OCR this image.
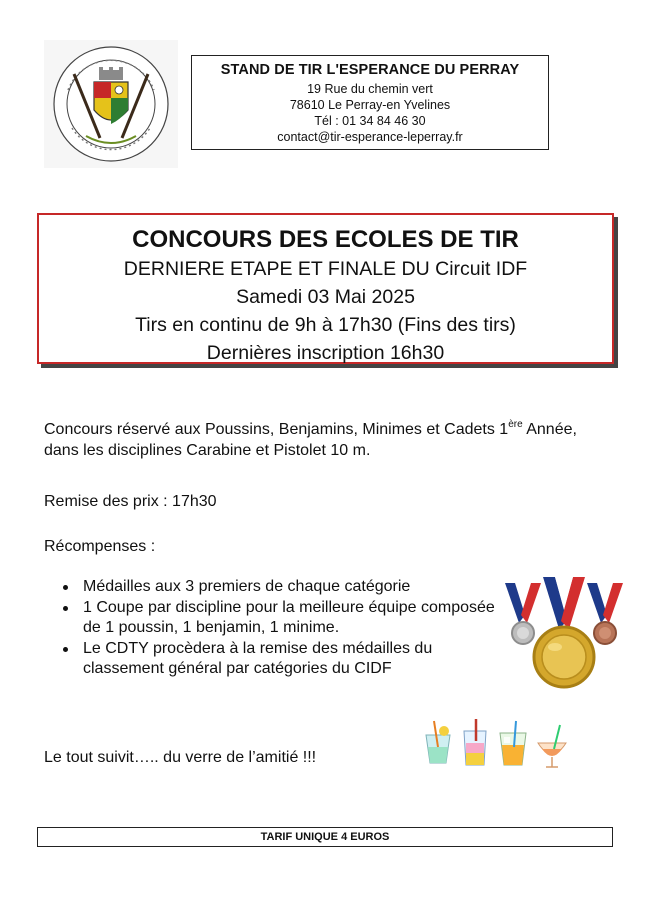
STAND DE TIR L'ESPERANCE DU PERRAY
19 Rue du chemin vert
78610 Le Perray-en Yvelines
Tél : 01 34 84 46 30
contact@tir-esperance-leperray.fr
CONCOURS DES ECOLES DE TIR
DERNIERE ETAPE ET FINALE DU Circuit IDF
Samedi 03 Mai 2025
Tirs en continu de 9h à 17h30 (Fins des tirs)
Dernières inscription 16h30
Concours réservé aux Poussins, Benjamins, Minimes et Cadets 1ère Année, dans les disciplines Carabine et Pistolet 10 m.
Remise des prix : 17h30
Récompenses :
Médailles aux 3 premiers de chaque catégorie
1 Coupe par discipline pour la meilleure équipe composée de 1 poussin, 1 benjamin, 1 minime.
Le CDTY procèdera à la remise des médailles du classement général par catégories du CIDF
Le tout suivit….. du verre de l’amitié !!!
TARIF UNIQUE 4 EUROS
